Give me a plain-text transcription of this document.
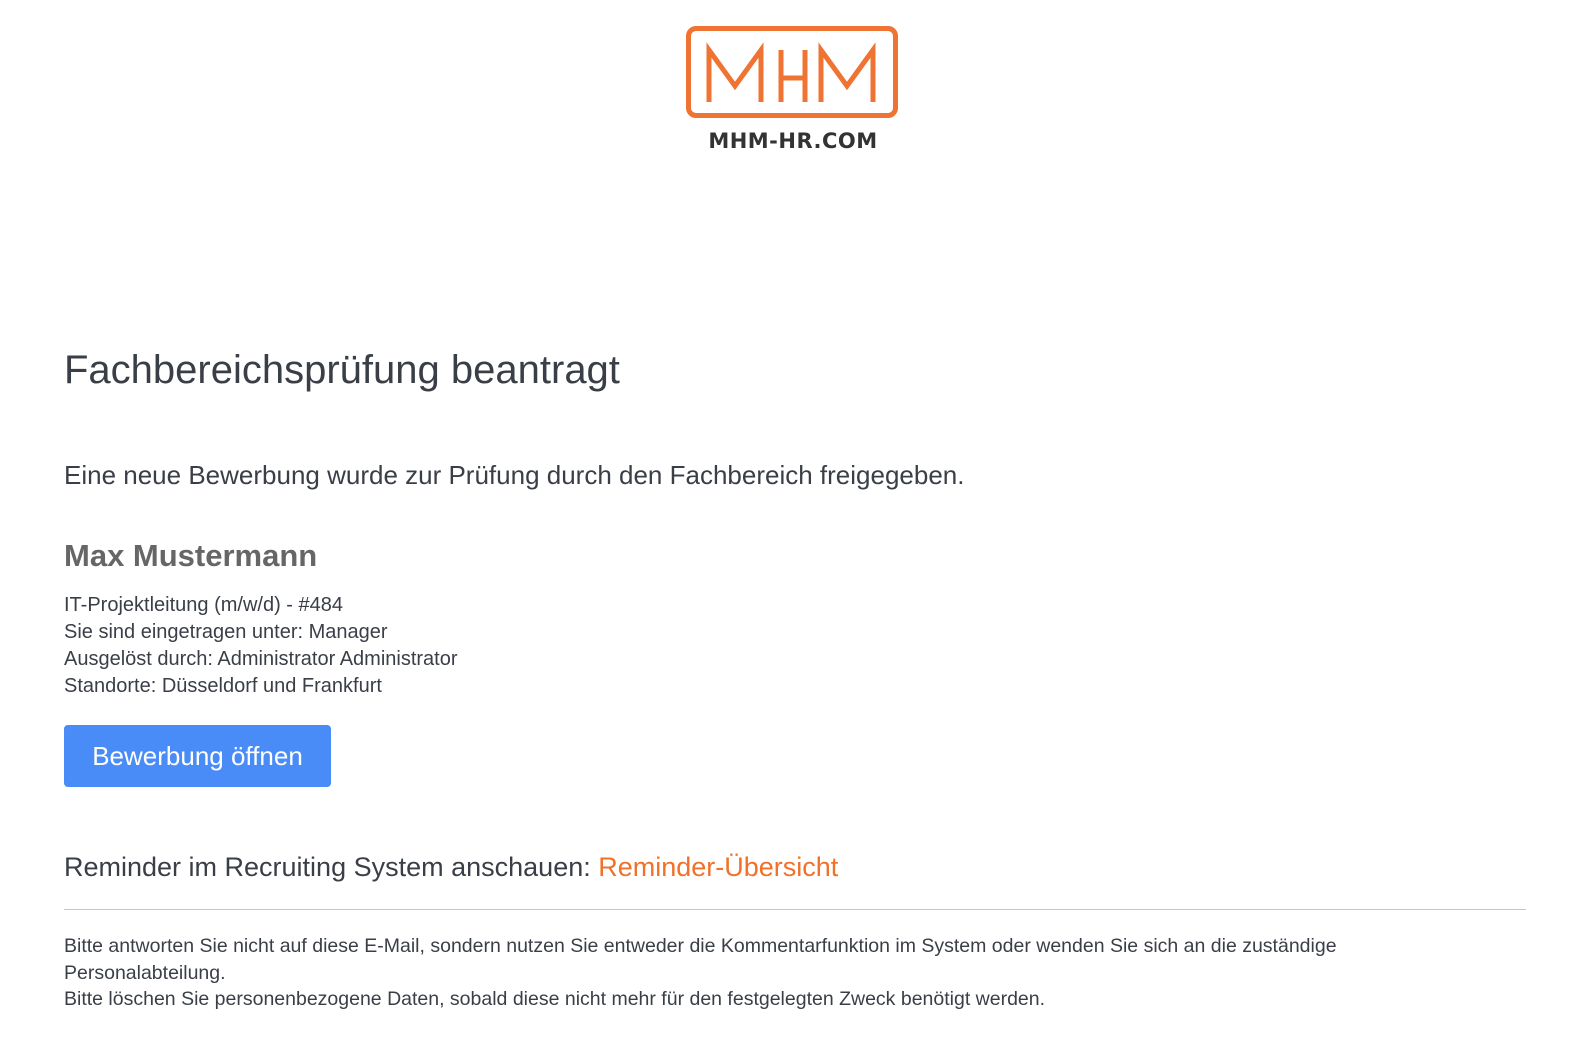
MHM-HR.COM
Fachbereichsprüfung beantragt

Eine neue Bewerbung wurde zur Prüfung durch den Fachbereich freigegeben.

Max Mustermann
IT-Projektleitung (m/w/d) - #484
Sie sind eingetragen unter: Manager
Ausgelöst durch: Administrator Administrator
Standorte: Düsseldorf und Frankfurt
Bewerbung öffnen
Reminder im Recruiting System anschauen: Reminder-Übersicht
Bitte antworten Sie nicht auf diese E-Mail, sondern nutzen Sie entweder die Kommentarfunktion im System oder wenden Sie sich an die zuständige
Personalabteilung.
Bitte löschen Sie personenbezogene Daten, sobald diese nicht mehr für den festgelegten Zweck benötigt werden.
